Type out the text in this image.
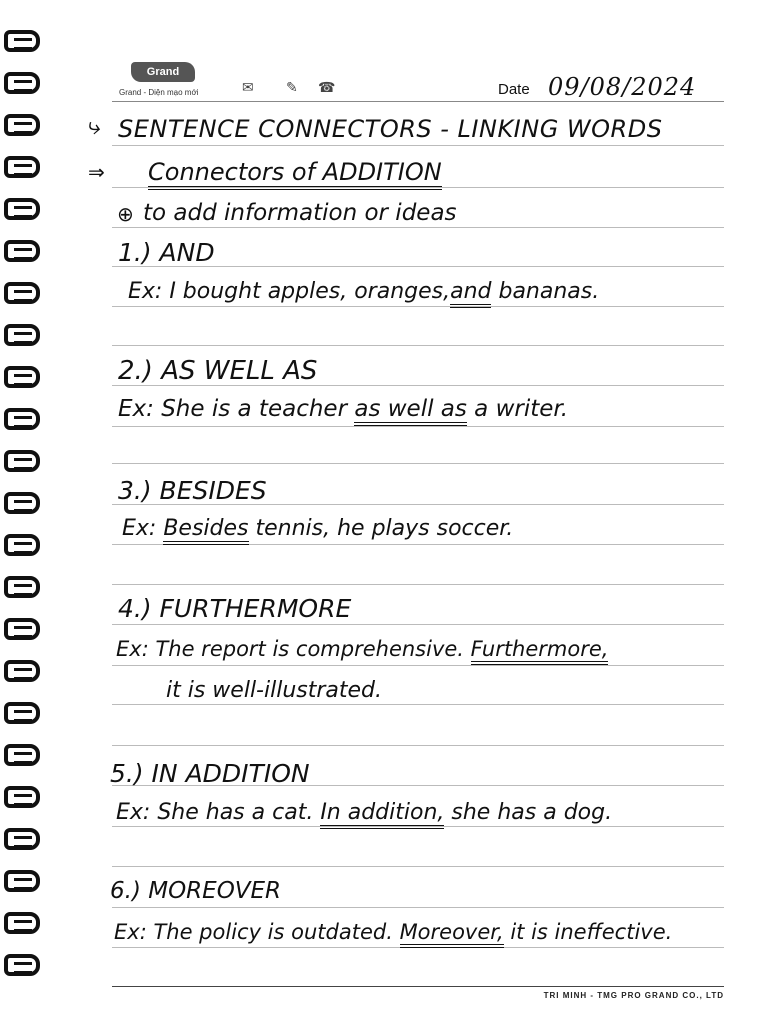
Grand
Grand - Diện mạo mới	✉ ✎ ☎	Date 09/08/2024
⤷ SENTENCE CONNECTORS - LINKING WORDS
⇒ Connectors of ADDITION
⊕ to add information or ideas
1.) AND
Ex: I bought apples, oranges,and bananas.
2.) AS WELL AS
Ex: She is a teacher as well as a writer.
3.) BESIDES
Ex: Besides tennis, he plays soccer.
4.) FURTHERMORE
Ex: The report is comprehensive. Furthermore,
it is well-illustrated.
5.) IN ADDITION
Ex: She has a cat. In addition, she has a dog.
6.) MOREOVER
Ex: The policy is outdated. Moreover, it is ineffective.
TRI MINH - TMG PRO GRAND CO., LTD
